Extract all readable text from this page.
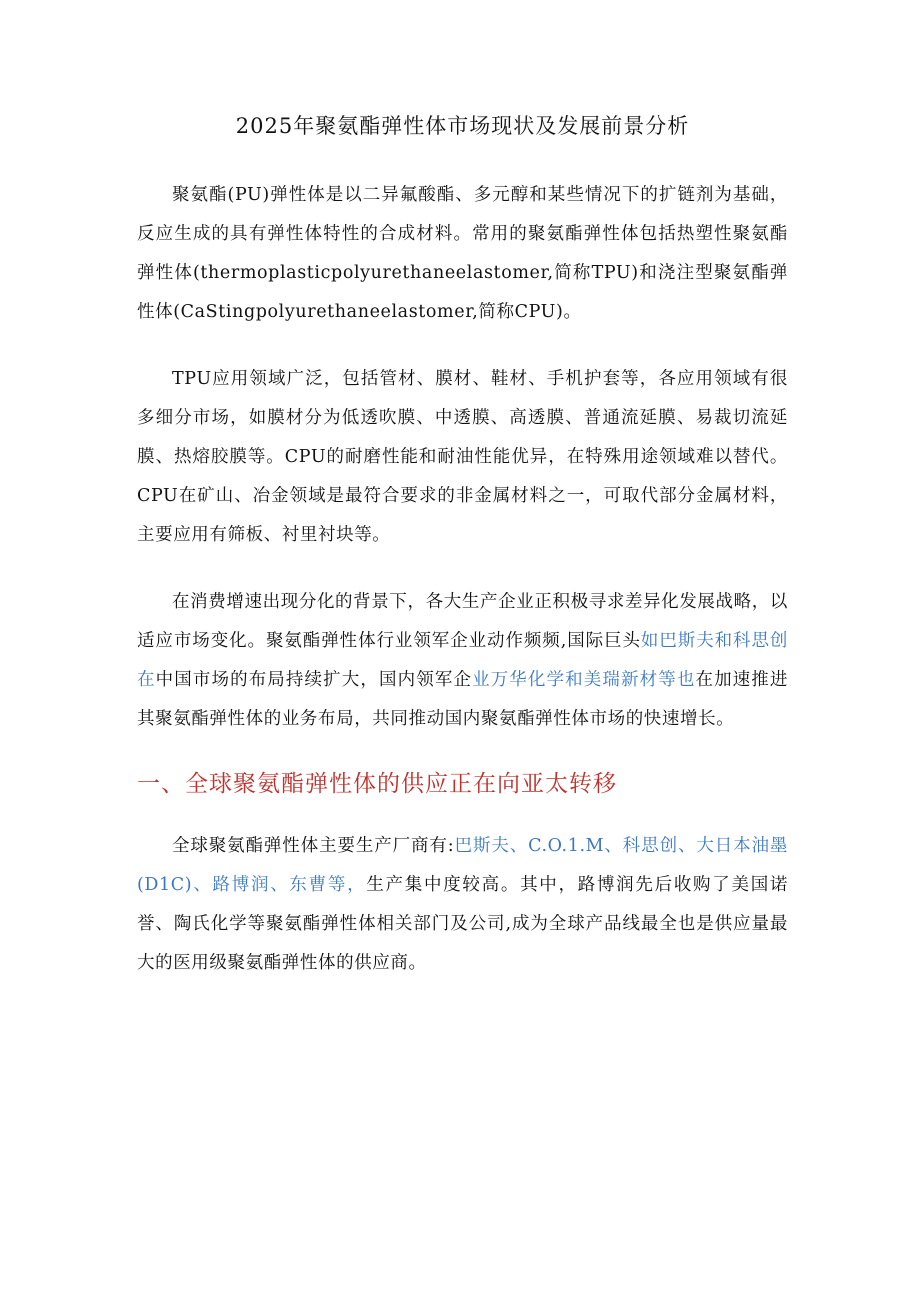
2025年聚氨酯弹性体市场现状及发展前景分析

聚氨酯(PU)弹性体是以二异氟酸酯、多元醇和某些情况下的扩链剂为基础，反应生成的具有弹性体特性的合成材料。常用的聚氨酯弹性体包括热塑性聚氨酯弹性体(thermoplasticpolyurethaneelastomer,简称TPU)和浇注型聚氨酯弹性体(CaStingpolyurethaneelastomer,简称CPU)。

TPU应用领域广泛，包括管材、膜材、鞋材、手机护套等，各应用领域有很多细分市场，如膜材分为低透吹膜、中透膜、高透膜、普通流延膜、易裁切流延膜、热熔胶膜等。CPU的耐磨性能和耐油性能优异，在特殊用途领域难以替代。CPU在矿山、冶金领域是最符合要求的非金属材料之一，可取代部分金属材料，主要应用有筛板、衬里衬块等。

在消费增速出现分化的背景下，各大生产企业正积极寻求差异化发展战略，以适应市场变化。聚氨酯弹性体行业领军企业动作频频,国际巨头如巴斯夫和科思创在中国市场的布局持续扩大，国内领军企业万华化学和美瑞新材等也在加速推进其聚氨酯弹性体的业务布局，共同推动国内聚氨酯弹性体市场的快速增长。

一、全球聚氨酯弹性体的供应正在向亚太转移

全球聚氨酯弹性体主要生产厂商有:巴斯夫、C.O.1.M、科思创、大日本油墨(D1C)、路博润、东曹等，生产集中度较高。其中，路博润先后收购了美国诺誉、陶氏化学等聚氨酯弹性体相关部门及公司,成为全球产品线最全也是供应量最大的医用级聚氨酯弹性体的供应商。
